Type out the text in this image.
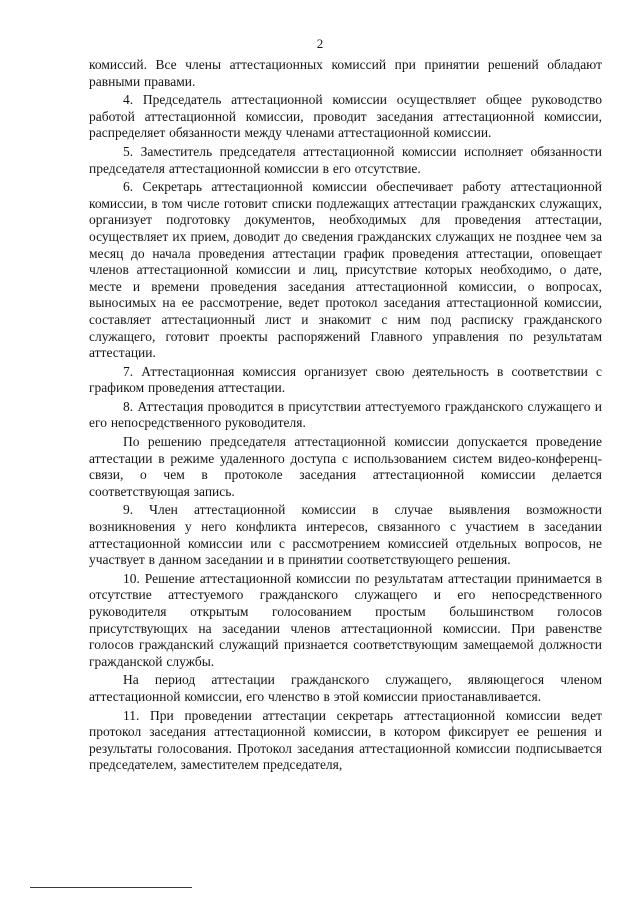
2

комиссий. Все члены аттестационных комиссий при принятии решений обладают равными правами.

4. Председатель аттестационной комиссии осуществляет общее руководство работой аттестационной комиссии, проводит заседания аттестационной комиссии, распределяет обязанности между членами аттестационной комиссии.

5. Заместитель председателя аттестационной комиссии исполняет обязанности председателя аттестационной комиссии в его отсутствие.

6. Секретарь аттестационной комиссии обеспечивает работу аттестационной комиссии, в том числе готовит списки подлежащих аттестации гражданских служащих, организует подготовку документов, необходимых для проведения аттестации, осуществляет их прием, доводит до сведения гражданских служащих не позднее чем за месяц до начала проведения аттестации график проведения аттестации, оповещает членов аттестационной комиссии и лиц, присутствие которых необходимо, о дате, месте и времени проведения заседания аттестационной комиссии, о вопросах, выносимых на ее рассмотрение, ведет протокол заседания аттестационной комиссии, составляет аттестационный лист и знакомит с ним под расписку гражданского служащего, готовит проекты распоряжений Главного управления по результатам аттестации.

7. Аттестационная комиссия организует свою деятельность в соответствии с графиком проведения аттестации.

8. Аттестация проводится в присутствии аттестуемого гражданского служащего и его непосредственного руководителя.

По решению председателя аттестационной комиссии допускается проведение аттестации в режиме удаленного доступа с использованием систем видео-конференц-связи, о чем в протоколе заседания аттестационной комиссии делается соответствующая запись.

9. Член аттестационной комиссии в случае выявления возможности возникновения у него конфликта интересов, связанного с участием в заседании аттестационной комиссии или с рассмотрением комиссией отдельных вопросов, не участвует в данном заседании и в принятии соответствующего решения.

10. Решение аттестационной комиссии по результатам аттестации принимается в отсутствие аттестуемого гражданского служащего и его непосредственного руководителя открытым голосованием простым большинством голосов присутствующих на заседании членов аттестационной комиссии. При равенстве голосов гражданский служащий признается соответствующим замещаемой должности гражданской службы.

На период аттестации гражданского служащего, являющегося членом аттестационной комиссии, его членство в этой комиссии приостанавливается.

11. При проведении аттестации секретарь аттестационной комиссии ведет протокол заседания аттестационной комиссии, в котором фиксирует ее решения и результаты голосования. Протокол заседания аттестационной комиссии подписывается председателем, заместителем председателя,
